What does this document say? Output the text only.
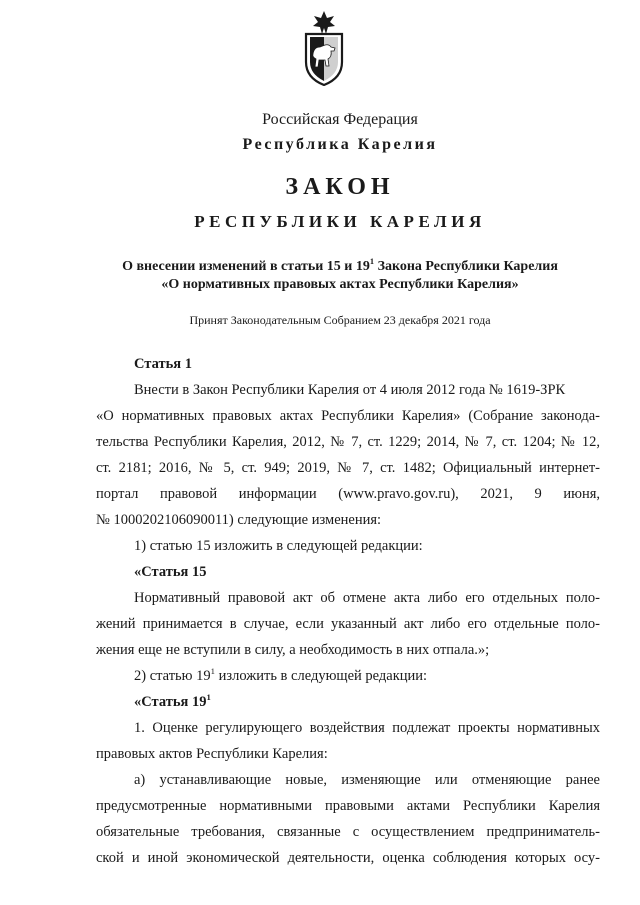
Российская Федерация
Республика Карелия
ЗАКОН
РЕСПУБЛИКИ КАРЕЛИЯ
О внесении изменений в статьи 15 и $19^1$ Закона Республики Карелия
«О нормативных правовых актах Республики Карелия»
Принят Законодательным Собранием 23 декабря 2021 года
Статья 1
Внести в Закон Республики Карелия от 4 июля 2012 года № 1619-ЗРК
«О нормативных правовых актах Республики Карелия» (Собрание законода-
тельства Республики Карелия, 2012, № 7, ст. 1229; 2014, № 7, ст. 1204; № 12,
ст. 2181; 2016, № 5, ст. 949; 2019, № 7, ст. 1482; Официальный интернет-
портал правовой информации (www.pravo.gov.ru), 2021, 9 июня,
№ 1000202106090011) следующие изменения:
1) статью 15 изложить в следующей редакции:
«Статья 15
Нормативный правовой акт об отмене акта либо его отдельных поло-
жений принимается в случае, если указанный акт либо его отдельные поло-
жения еще не вступили в силу, а необходимость в них отпала.»;
2) статью $19^1$ изложить в следующей редакции:
«Статья $19^1$
1. Оценке регулирующего воздействия подлежат проекты нормативных
правовых актов Республики Карелия:
а) устанавливающие новые, изменяющие или отменяющие ранее
предусмотренные нормативными правовыми актами Республики Карелия
обязательные требования, связанные с осуществлением предприниматель-
ской и иной экономической деятельности, оценка соблюдения которых осу-
